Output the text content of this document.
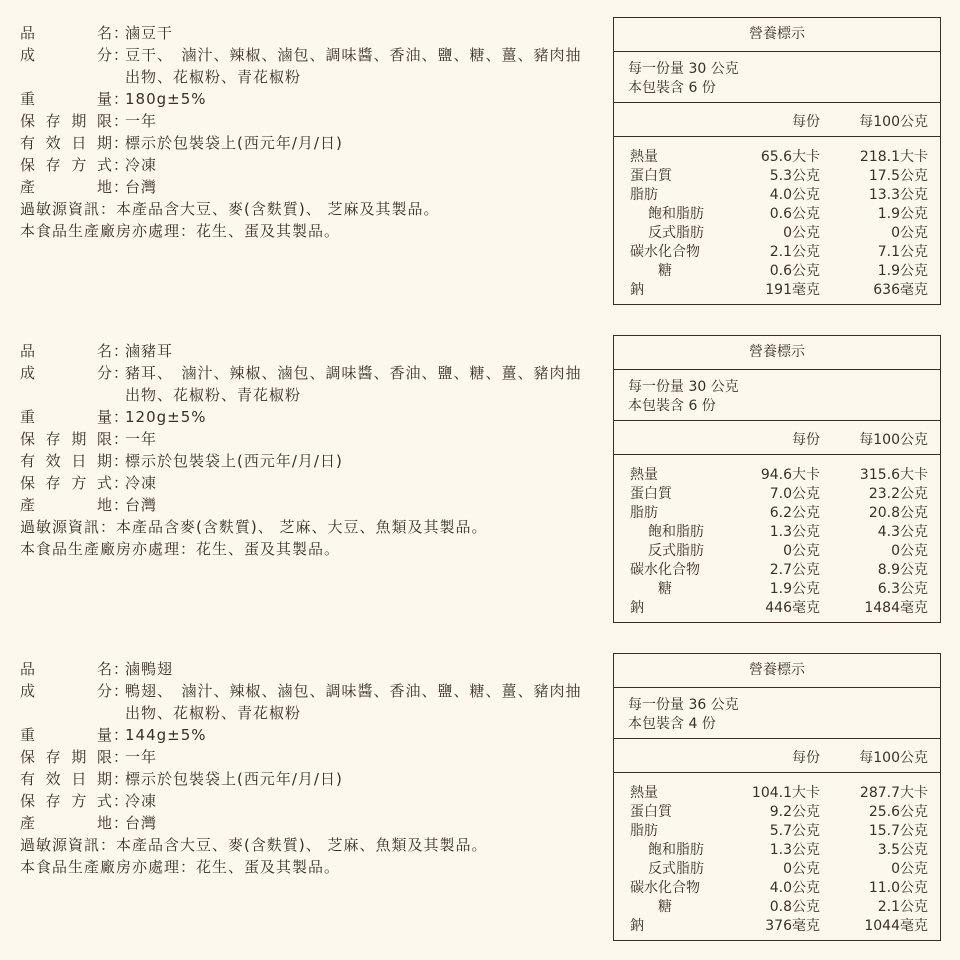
品	名 ：
滷豆干
成	分 ：
豆干、　滷汁、辣椒、滷包、調味醬、香油、鹽、糖、薑、豬肉抽出物、花椒粉、青花椒粉
重	量 ：
180g±5%
保 存 期 限 ：
一年
有 效 日 期 ：
標示於包裝袋上(西元年/月/日)
保 存 方 式 ：
冷凍
產	地 ：
台灣
過敏源資訊：本產品含大豆、麥(含麩質)、 芝麻及其製品。
本食品生產廠房亦處理：花生、蛋及其製品。
營養標示
每一份量 30 公克
本包裝含 6 份
每份	每100公克
熱量	65.6大卡	218.1大卡
蛋白質	5.3公克	17.5公克
脂肪	4.0公克	13.3公克
飽和脂肪	0.6公克	1.9公克
反式脂肪	0公克	0公克
碳水化合物	2.1公克	7.1公克
糖	0.6公克	1.9公克
鈉	191毫克	636毫克
品	名 ：
滷豬耳
成	分 ：
豬耳、　滷汁、辣椒、滷包、調味醬、香油、鹽、糖、薑、豬肉抽出物、花椒粉、青花椒粉
重	量 ：
120g±5%
保 存 期 限 ：
一年
有 效 日 期 ：
標示於包裝袋上(西元年/月/日)
保 存 方 式 ：
冷凍
產	地 ：
台灣
過敏源資訊：本產品含麥(含麩質)、 芝麻、大豆、魚類及其製品。
本食品生產廠房亦處理：花生、蛋及其製品。
營養標示
每一份量 30 公克
本包裝含 6 份
每份	每100公克
熱量	94.6大卡	315.6大卡
蛋白質	7.0公克	23.2公克
脂肪	6.2公克	20.8公克
飽和脂肪	1.3公克	4.3公克
反式脂肪	0公克	0公克
碳水化合物	2.7公克	8.9公克
糖	1.9公克	6.3公克
鈉	446毫克	1484毫克
品	名 ：
滷鴨翅
成	分 ：
鴨翅、　滷汁、辣椒、滷包、調味醬、香油、鹽、糖、薑、豬肉抽出物、花椒粉、青花椒粉
重	量 ：
144g±5%
保 存 期 限 ：
一年
有 效 日 期 ：
標示於包裝袋上(西元年/月/日)
保 存 方 式 ：
冷凍
產	地 ：
台灣
過敏源資訊：本產品含大豆、麥(含麩質)、 芝麻、魚類及其製品。
本食品生產廠房亦處理：花生、蛋及其製品。
營養標示
每一份量 36 公克
本包裝含 4 份
每份	每100公克
熱量	104.1大卡	287.7大卡
蛋白質	9.2公克	25.6公克
脂肪	5.7公克	15.7公克
飽和脂肪	1.3公克	3.5公克
反式脂肪	0公克	0公克
碳水化合物	4.0公克	11.0公克
糖	0.8公克	2.1公克
鈉	376毫克	1044毫克
